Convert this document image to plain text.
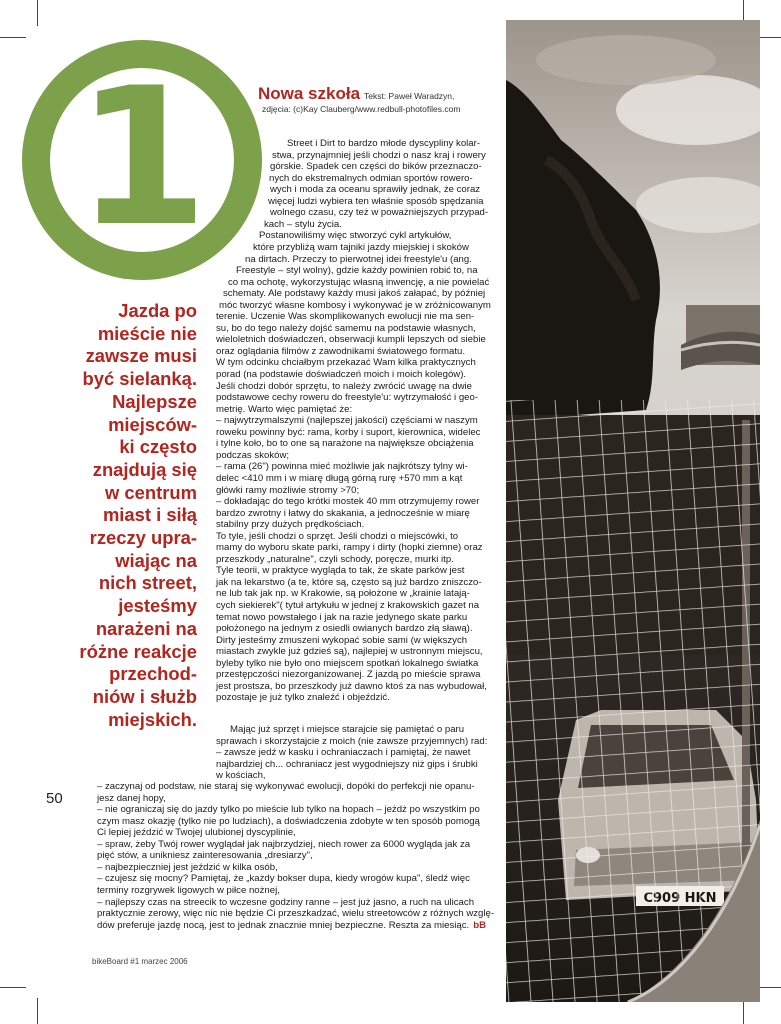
1	Nowa szkoła Tekst: Paweł Waradzyn,
zdjęcia: (c)Kay Clauberg/www.redbull-photofiles.com
Jazda po
mieście nie
zawsze musi
być sielanką.
Najlepsze
miejsców-
ki często
znajdują się
w centrum
miast i siłą
rzeczy upra-
wiając na
nich street,
jesteśmy
narażeni na
różne reakcje
przechod-
niów i służb
miejskich.
Street i Dirt to bardzo młode dyscypliny kolar-
stwa, przynajmniej jeśli chodzi o nasz kraj i rowery
górskie. Spadek cen części do bików przeznaczo-
nych do ekstremalnych odmian sportów rowero-
wych i moda za oceanu sprawiły jednak, że coraz
więcej ludzi wybiera ten właśnie sposób spędzania
wolnego czasu, czy też w poważniejszych przypad-
kach – stylu życia.
Postanowiliśmy więc stworzyć cykl artykułów,
które przybliżą wam tajniki jazdy miejskiej i skoków
na dirtach. Przeczy to pierwotnej idei freestyle'u (ang.
Freestyle – styl wolny), gdzie każdy powinien robić to, na
co ma ochotę, wykorzystując własną inwencję, a nie powielać
schematy. Ale podstawy każdy musi jakoś załapać, by później
móc tworzyć własne kombosy i wykonywać je w zróżnicowanym
terenie. Uczenie Was skomplikowanych ewolucji nie ma sen-
su, bo do tego należy dojść samemu na podstawie własnych,
wieloletnich doświadczeń, obserwacji kumpli lepszych od siebie
oraz oglądania filmów z zawodnikami światowego formatu.
W tym odcinku chciałbym przekazać Wam kilka praktycznych
porad (na podstawie doświadczeń moich i moich kolegów).
Jeśli chodzi dobór sprzętu, to należy zwrócić uwagę na dwie
podstawowe cechy roweru do freestyle'u: wytrzymałość i geo-
metrię. Warto więc pamiętać że:
– najwytrzymalszymi (najlepszej jakości) częściami w naszym
roweku powinny być: rama, korby i suport, kierownica, widelec
i tylne koło, bo to one są narażone na największe obciążenia
podczas skoków;
– rama (26") powinna mieć możliwie jak najkrótszy tylny wi-
delec <410 mm i w miarę długą górną rurę +570 mm a kąt
główki ramy możliwie stromy >70;
– dokładając do tego krótki mostek 40 mm otrzymujemy rower
bardzo zwrotny i łatwy do skakania, a jednocześnie w miarę
stabilny przy dużych prędkościach.
To tyle, jeśli chodzi o sprzęt. Jeśli chodzi o miejscówki, to
mamy do wyboru skate parki, rampy i dirty (hopki ziemne) oraz
przeszkody „naturalne", czyli schody, poręcze, murki itp.
Tyle teorii, w praktyce wygląda to tak, że skate parków jest
jak na lekarstwo (a te, które są, często są już bardzo zniszczo-
ne lub tak jak np. w Krakowie, są położone w „krainie latają-
cych siekierek"( tytuł artykułu w jednej z krakowskich gazet na
temat nowo powstałego i jak na razie jedynego skate parku
położonego na jednym z osiedli owianych bardzo złą sławą).
Dirty jesteśmy zmuszeni wykopać sobie sami (w większych
miastach zwykle już gdzieś są), najlepiej w ustronnym miejscu,
byleby tylko nie było ono miejscem spotkań lokalnego światka
przestępczości niezorganizowanej. Z jazdą po mieście sprawa
jest prostsza, bo przeszkody już dawno ktoś za nas wybudował,
pozostaje je już tylko znaleźć i objeździć.
Mając już sprzęt i miejsce starajcie się pamiętać o paru
sprawach i skorzystajcie z moich (nie zawsze przyjemnych) rad:
– zawsze jedź w kasku i ochraniaczach i pamiętaj, że nawet
najbardziej ch... ochraniacz jest wygodniejszy niż gips i śrubki
w kościach,
– zaczynaj od podstaw, nie staraj się wykonywać ewolucji, dopóki do perfekcji nie opanu-
jesz danej hopy,
– nie ograniczaj się do jazdy tylko po mieście lub tylko na hopach – jeżdż po wszystkim po
czym masz okazję (tylko nie po ludziach), a doświadczenia zdobyte w ten sposób pomogą
Ci lepiej jeździć w Twojej ulubionej dyscyplinie,
– spraw, żeby Twój rower wyglądał jak najbrzydziej, niech rower za 6000 wygląda jak za
pięć stów, a unikniesz zainteresowania „dresiarzy",
– najbezpieczniej jest jeździć w kilka osób,
– czujesz się mocny? Pamiętaj, że „każdy bokser dupa, kiedy wrogów kupa", śledź więc
terminy rozgrywek ligowych w piłce nożnej,
– najlepszy czas na streecik to wczesne godziny ranne – jest już jasno, a ruch na ulicach
praktycznie zerowy, więc nic nie będzie Ci przeszkadzać, wielu streetowców z różnych wzglę-
dów preferuje jazdę nocą, jest to jednak znacznie mniej bezpieczne. Reszta za miesiąc. bB
50
bikeBoard #1 marzec 2006
